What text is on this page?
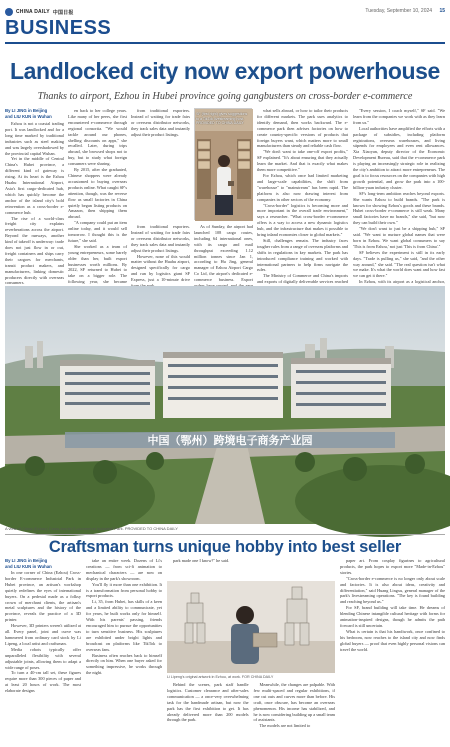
CHINA DAILY 中国日报	Tuesday, September 10, 2024 15
BUSINESS
Landlocked city now export powerhouse
Thanks to airport, Ezhou in Hubei province going gangbusters on cross-border e-commerce
By LI JING in Beijing
and LIU KUN in Wuhan

Ezhou is not a coastal trading port. It was landlocked and for a long time marked by traditional industries such as steel making and was largely overshadowed by the provincial capital Wuhan.

Yet in the middle of Central China's Hubei province, a different kind of gateway is rising. At its heart is the Ezhou Huahu International Airport, Asia's first cargo-dedicated hub, which has quickly become the anchor of the island city's bold reinvention as a cross-border e-commerce hub.

The rise of a world-class freight city explains reverberations across the airport. Beyond the runways, another kind of takeoff is underway: trade does not just flow in or out, freight containers and ships carry their cargoes for merchants, transit product makers, and manufacturers, linking domestic producers directly with overseas consumers.

en back to her college years. Like many of her peers, she first encountered e-commerce through regional consortia. "We would tackle around our phones, shelling discounts on apps," she recalled. Later, during trips abroad, she browsed shops not to buy, but to study what foreign consumers were sharing.

By 2015, after she graduated, Chinese shoppers were already accustomed to buying overseas products online. What caught SF's attention, though, was the reverse flow as small factories in China quietly began listing products on Amazon, then shipping them abroad.

"A company could put an item online today, and it would sell tomorrow. I thought this is the future," she said.

She worked as a team of young entrepreneurs, some barely older than her, built export businesses worth millions. By 2022, SF returned to Hubei to take on a bigger role. The following year, she became

SF (first right) gives suggestions to a TikTok livestreaming host. PROVIDED TO CHINA DAILY

from traditional exporters. Instead of waiting for trade fairs or overseas distributor networks, they track sales data and instantly adjust their product listings.

However, none of this would matter without the Huahu airport, designed specifically for cargo and run by logistics giant SF Express, just a 10-minute drive

As of Sunday, the airport had launched 108 cargo routes, including 64 international ones, with its cargo and mail throughput exceeding 1.12 million tonnes since Jan 1, according to Hu Jing, general manager of Ezhou Airport Cargo Co Ltd, the airport's dedicated e-commerce business. Export

from traditional exporters. Instead of waiting for trade fairs or overseas distributor networks, they track sales data and instantly adjust their product listings.

what sells abroad, or how to tailor their products for different markets. The park uses analytics to identify demand, then works backward. The e-commerce park then advises factories on how to create country-specific versions of products that foreign buyers want, which matters more to small manufacturers than steady and reliable cash flow.

"We don't want to take one-off export profits," SF explained. "It's about ensuring that they actually learn the market. And that is exactly what makes them more competitive."

For Ezhou, which once had limited marketing and large-scale capabilities, the shift from "warehouse" to "mainstream" has been rapid. The platform is also now drawing interest from companies in other sectors of the economy.

"Cross-border" logistics is becoming more and more important in the overall trade environment," says a researcher. "What cross-border e-commerce offers is a way to access a new dynamic logistics hub, and the infrastructure that makes it possible to bring inland economies closer to global markets."

Still, challenges remain. The industry faces tougher rules from a range of overseas platforms and shifts in regulations in key markets. The park has introduced compliance training and worked with international partners to help firms navigate the rules.

The Ministry of Commerce and China's imports and exports of digitally deliverable services reached

"Every session, I coach myself," SF said. "We learn from the companies we work with as they learn from us."

Local authorities have amplified the efforts with a package of subsidies, including platform registrations, overseas warehouses, and living stipends for employees and even rent allowances. Xia Xiaoyan, deputy director of the Economic Development Bureau, said that the e-commerce park is playing an increasingly strategic role in realizing the city's ambition to attract more entrepreneurs. The goal is to focus resources on the companies with high growth potential, and grow the park into a 100-billion-yuan industry cluster.

SF's long-term ambition reaches beyond exports. She wants Ezhou to build brands. "The park is known for showing Ezhou's goods and these brands. Hubei cross-border e-commerce is still weak. Many small factories have no brands," she said, "but now they can build their own."

"We don't want to just be a shipping hub," SF said. "We want to nurture global names that were born in Ezhou. We want global consumers to say 'This is from Ezhou,' not just 'This is from China'."

SF believes the experiment is still in its early days. "Trade is pulling us," she said, "and the other way around," she said. "The real question isn't what we make. It's what the world does want and how fast we can get it there."

In Ezhou, with its airport as a logistical anchor,

中国（鄂州）跨境电子商务产业园
A view of China (Ezhou) Cross-border E-commerce Industrial Park. PROVIDED TO CHINA DAILY
Craftsman turns unique hobby into best seller
By LI JING in Beijing
and LIU KUN in Wuhan

In one corner of China (Ezhou) Cross-border E-commerce Industrial Park in Hubei province, an artisan's workshop quietly redefines the eyes of international buyers. On a pedestal made as a folksy crown of merchant clients, the artisan's metal sculptures and the history of the province, reveals the practice of a 3D printer.

However, 3D printers weren't utilized at all. Every panel, joint and curve was hammered from ordinary card stock by Li Lipeng, a local artist and craftsman.

Media robots typically offer unparalleled flexibility with several adjustable joints, allowing them to adapt a wide range of poses.

To turn a 40-cm tall set, these figures require more than 300 pieces of paper and at least 20 hours of work. The most elaborate designs

take an entire week. Dozens of Li's creations — from sci-fi animation to mechanical characters — are now on display in the park's showroom.

You'll fly it more than one exhibition. It is a transformation from personal hobby to export products.

Li, 35, from Hubei, has skills of a keen and a limited ability to communicate, yet for years, he built works only for himself. With his parents' passing, friends encouraged him to pursue the opportunities to turn sensitive business. His sculptures are exhibited under bright lights and broadcast on platforms like TikTok to overseas fans.

Business often reaches back to himself directly on him. When one buyer asked for something impressive, he works through the night.

park made one I know?" he said.

Li Lipeng's original artwork in Ezhou, at work. FOR CHINA DAILY

paper art. From cosplay figurines to agricultural products, the park hopes to export more "Made-in-Ezhou" stories.

"Cross-border e-commerce is no longer only about scale and factories. It is also about ideas, creativity and differentiation," said Huang Lingxu, general manager of the park's livestreaming operations. "The key is found building and reaching beyond us."

For SF, brand building will take time. He dreams of blending Chinese intangible cultural heritage with forms for animation-inspired designs, though he admits the path forward is still uncertain.

What is certain is that his handiwork, once confined to his bedroom, now reaches to the island city and now finds global buyers — proof that even highly personal visions can travel the world.

Behind the scenes, park staff handle logistics. Customer clearance and after-sales communication — a once-very overwhelming task for the handmade artisan, but now the park has the first exhibition to get. It has already delivered more than 200 models through the park.

Meanwhile, the changes are palpable. With few multi-spaced and regular exhibitions, if one cut outs and curves more than before. His craft, once obscure, has become an overseas phenomenon. His income has stabilized, and he is now considering building up a small team of assistants.

The models are not limited to
